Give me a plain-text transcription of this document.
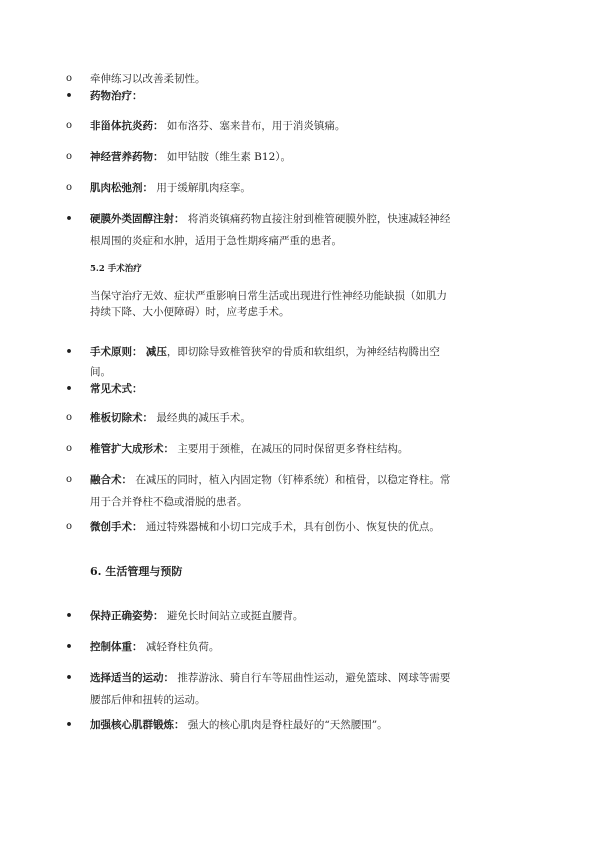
o 牵伸练习以改善柔韧性。
• 药物治疗：
o 非甾体抗炎药： 如布洛芬、塞来昔布，用于消炎镇痛。
o 神经营养药物： 如甲钴胺（维生素 B12）。
o 肌肉松弛剂： 用于缓解肌肉痉挛。
• 硬膜外类固醇注射： 将消炎镇痛药物直接注射到椎管硬膜外腔，快速减轻神经
根周围的炎症和水肿，适用于急性期疼痛严重的患者。
5.2 手术治疗
当保守治疗无效、症状严重影响日常生活或出现进行性神经功能缺损（如肌力
持续下降、大小便障碍）时，应考虑手术。
• 手术原则： 减压，即切除导致椎管狭窄的骨质和软组织，为神经结构腾出空
间。
• 常见术式：
o 椎板切除术： 最经典的减压手术。
o 椎管扩大成形术： 主要用于颈椎，在减压的同时保留更多脊柱结构。
o 融合术： 在减压的同时，植入内固定物（钉棒系统）和植骨，以稳定脊柱。常
用于合并脊柱不稳或滑脱的患者。
o 微创手术： 通过特殊器械和小切口完成手术，具有创伤小、恢复快的优点。
6. 生活管理与预防
• 保持正确姿势： 避免长时间站立或挺直腰背。
• 控制体重： 减轻脊柱负荷。
• 选择适当的运动： 推荐游泳、骑自行车等屈曲性运动，避免篮球、网球等需要
腰部后伸和扭转的运动。
• 加强核心肌群锻炼： 强大的核心肌肉是脊柱最好的“天然腰围”。
